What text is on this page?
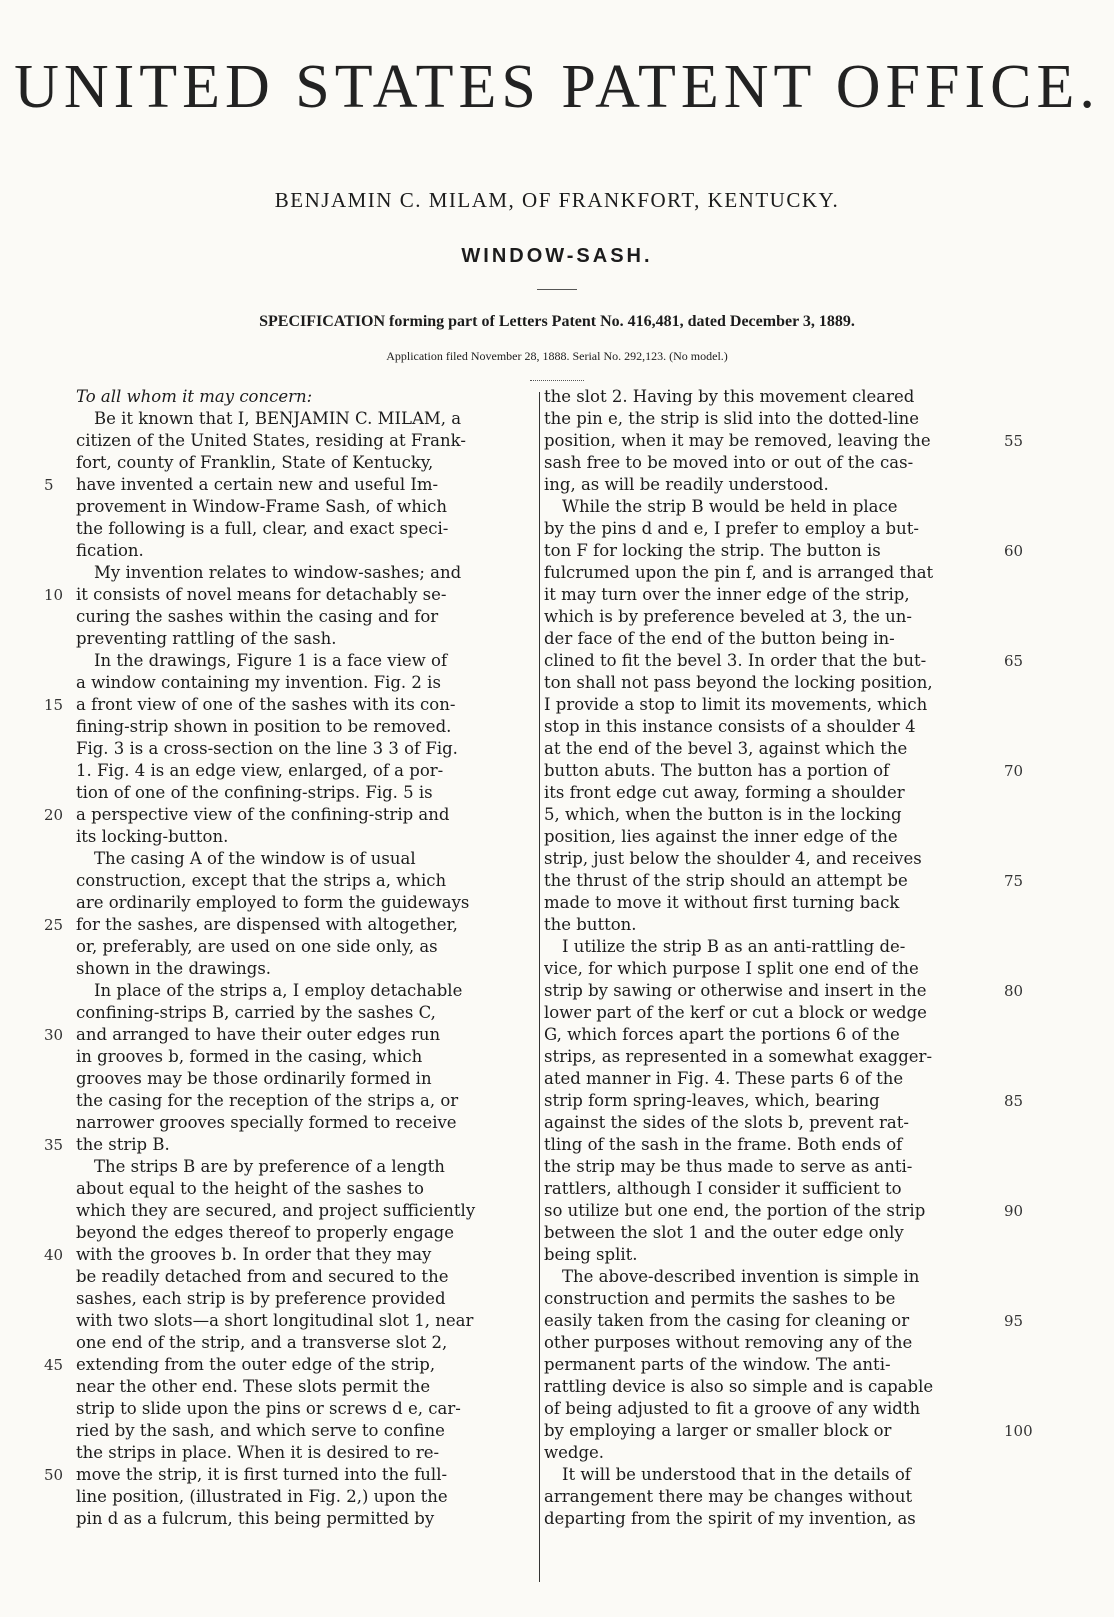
UNITED STATES PATENT OFFICE.
BENJAMIN C. MILAM, OF FRANKFORT, KENTUCKY.
WINDOW-SASH.
SPECIFICATION forming part of Letters Patent No. 416,481, dated December 3, 1889.
Application filed November 28, 1888. Serial No. 292,123. (No model.)
To all whom it may concern:
Be it known that I, BENJAMIN C. MILAM, a
citizen of the United States, residing at Frank-
fort, county of Franklin, State of Kentucky,
have invented a certain new and useful Im-
provement in Window-Frame Sash, of which
the following is a full, clear, and exact speci-
fication.
My invention relates to window-sashes; and
it consists of novel means for detachably se-
curing the sashes within the casing and for
preventing rattling of the sash.
In the drawings, Figure 1 is a face view of
a window containing my invention. Fig. 2 is
a front view of one of the sashes with its con-
fining-strip shown in position to be removed.
Fig. 3 is a cross-section on the line 3 3 of Fig.
1. Fig. 4 is an edge view, enlarged, of a por-
tion of one of the confining-strips. Fig. 5 is
a perspective view of the confining-strip and
its locking-button.
The casing A of the window is of usual
construction, except that the strips a, which
are ordinarily employed to form the guideways
for the sashes, are dispensed with altogether,
or, preferably, are used on one side only, as
shown in the drawings.
In place of the strips a, I employ detachable
confining-strips B, carried by the sashes C,
and arranged to have their outer edges run
in grooves b, formed in the casing, which
grooves may be those ordinarily formed in
the casing for the reception of the strips a, or
narrower grooves specially formed to receive
the strip B.
The strips B are by preference of a length
about equal to the height of the sashes to
which they are secured, and project sufficiently
beyond the edges thereof to properly engage
with the grooves b. In order that they may
be readily detached from and secured to the
sashes, each strip is by preference provided
with two slots—a short longitudinal slot 1, near
one end of the strip, and a transverse slot 2,
extending from the outer edge of the strip,
near the other end. These slots permit the
strip to slide upon the pins or screws d e, car-
ried by the sash, and which serve to confine
the strips in place. When it is desired to re-
move the strip, it is first turned into the full-
line position, (illustrated in Fig. 2,) upon the
pin d as a fulcrum, this being permitted by
the slot 2. Having by this movement cleared
the pin e, the strip is slid into the dotted-line
position, when it may be removed, leaving the
sash free to be moved into or out of the cas-
ing, as will be readily understood.
While the strip B would be held in place
by the pins d and e, I prefer to employ a but-
ton F for locking the strip. The button is
fulcrumed upon the pin f, and is arranged that
it may turn over the inner edge of the strip,
which is by preference beveled at 3, the un-
der face of the end of the button being in-
clined to fit the bevel 3. In order that the but-
ton shall not pass beyond the locking position,
I provide a stop to limit its movements, which
stop in this instance consists of a shoulder 4
at the end of the bevel 3, against which the
button abuts. The button has a portion of
its front edge cut away, forming a shoulder
5, which, when the button is in the locking
position, lies against the inner edge of the
strip, just below the shoulder 4, and receives
the thrust of the strip should an attempt be
made to move it without first turning back
the button.
I utilize the strip B as an anti-rattling de-
vice, for which purpose I split one end of the
strip by sawing or otherwise and insert in the
lower part of the kerf or cut a block or wedge
G, which forces apart the portions 6 of the
strips, as represented in a somewhat exagger-
ated manner in Fig. 4. These parts 6 of the
strip form spring-leaves, which, bearing
against the sides of the slots b, prevent rat-
tling of the sash in the frame. Both ends of
the strip may be thus made to serve as anti-
rattlers, although I consider it sufficient to
so utilize but one end, the portion of the strip
between the slot 1 and the outer edge only
being split.
The above-described invention is simple in
construction and permits the sashes to be
easily taken from the casing for cleaning or
other purposes without removing any of the
permanent parts of the window. The anti-
rattling device is also so simple and is capable
of being adjusted to fit a groove of any width
by employing a larger or smaller block or
wedge.
It will be understood that in the details of
arrangement there may be changes without
departing from the spirit of my invention, as
5
10
15
20
25
30
35
40
45
50
55
60
65
70
75
80
85
90
95
100
